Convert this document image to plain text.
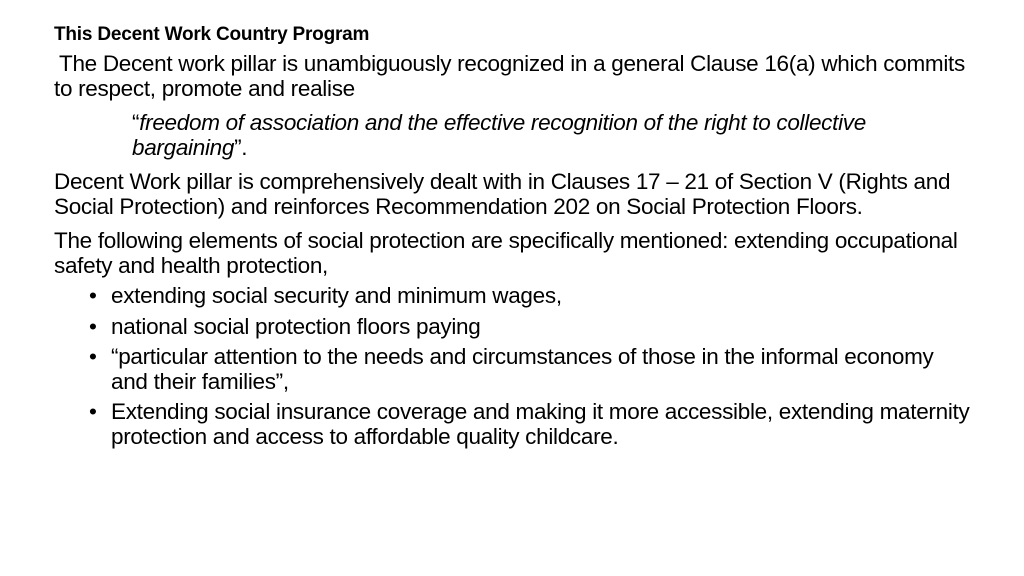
This Decent Work Country Program
The Decent work pillar is unambiguously recognized in a general Clause 16(a) which commits to respect, promote and realise
“freedom of association and the effective recognition of the right to collective bargaining”.
Decent Work pillar is comprehensively dealt with in Clauses 17 – 21 of Section V (Rights and Social Protection) and reinforces Recommendation 202 on Social Protection Floors.
The following elements of social protection are specifically mentioned: extending occupational safety and health protection,
• extending social security and minimum wages,
• national social protection floors paying
• “particular attention to the needs and circumstances of those in the informal economy and their families”,
• Extending social insurance coverage and making it more accessible, extending maternity protection and access to affordable quality childcare.
